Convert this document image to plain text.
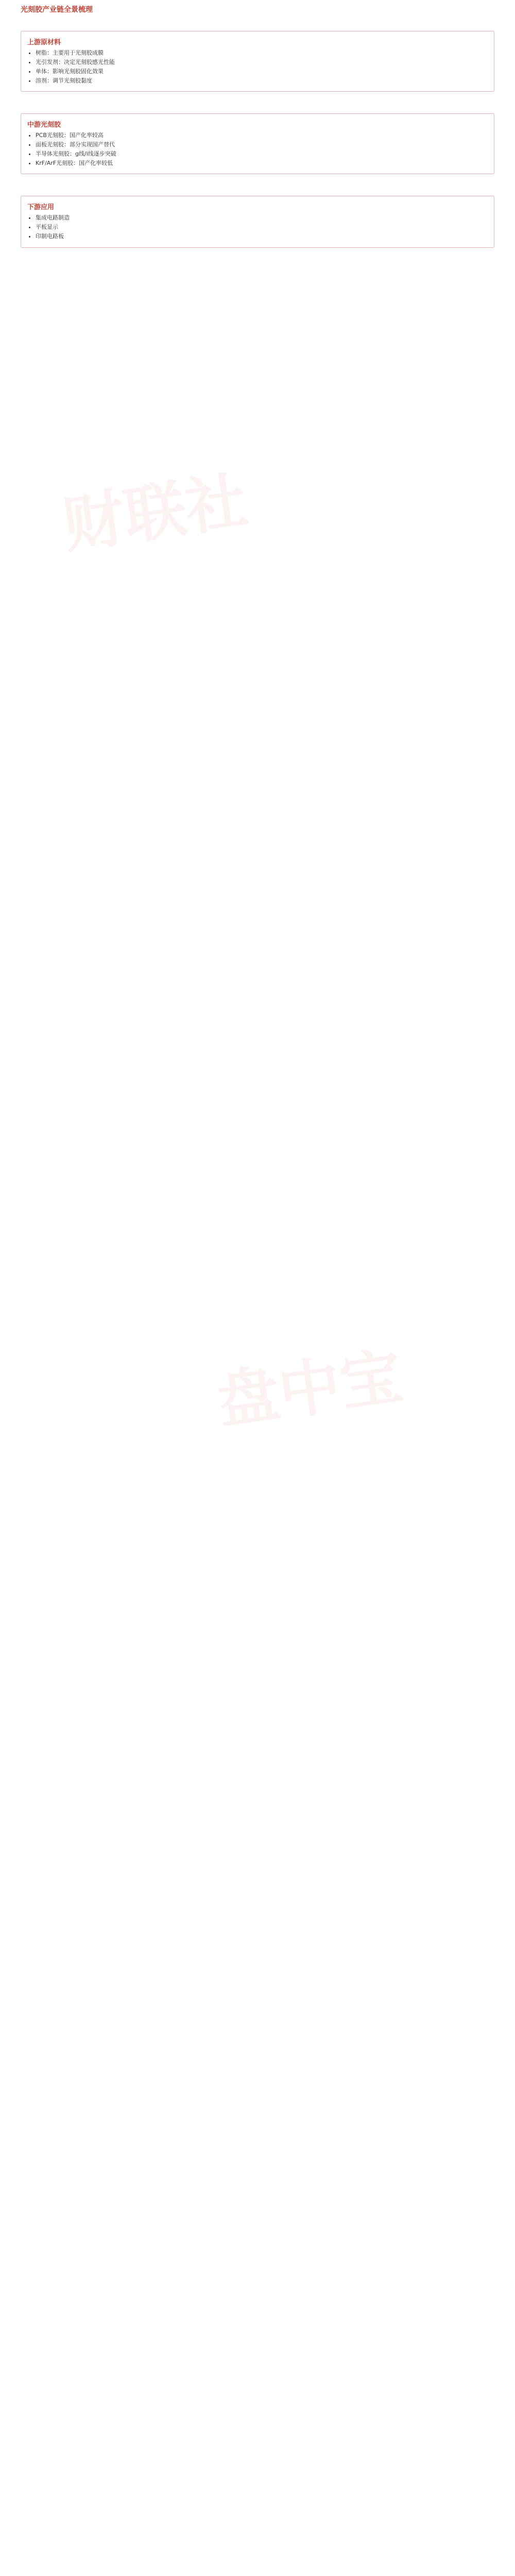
财联社
盘中宝
光刻胶产业链全景梳理
上游原材料
• 树脂：主要用于光刻胶成膜
• 光引发剂：决定光刻胶感光性能
• 单体：影响光刻胶固化效果
• 溶剂：调节光刻胶黏度
中游光刻胶
• PCB光刻胶：国产化率较高
• 面板光刻胶：部分实现国产替代
• 半导体光刻胶：g线/i线逐步突破
• KrF/ArF光刻胶：国产化率较低
下游应用
• 集成电路制造
• 平板显示
• 印制电路板
